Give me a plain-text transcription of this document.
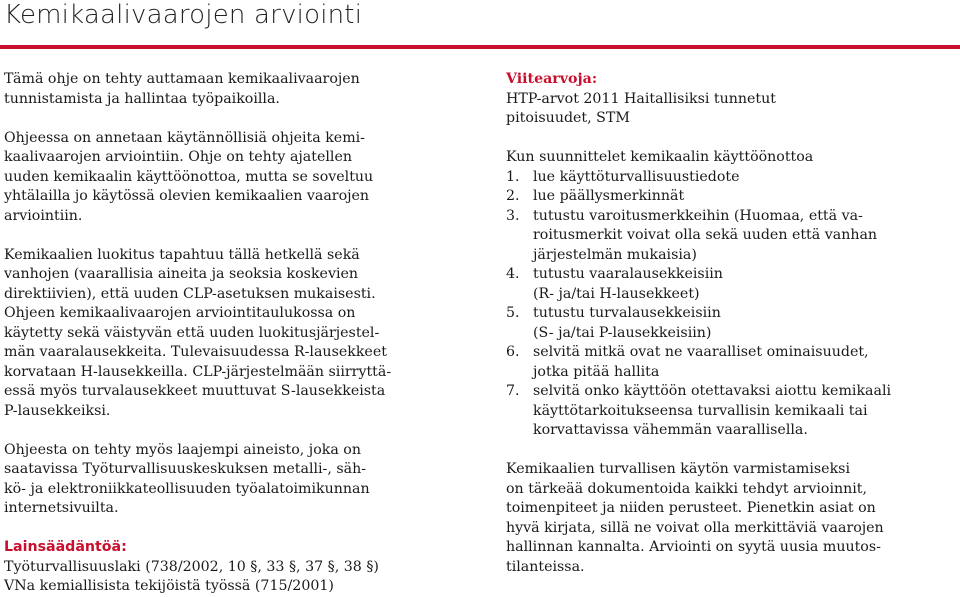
Kemikaalivaarojen arviointi
Tämä ohje on tehty auttamaan kemikaalivaarojen
tunnistamista ja hallintaa työpaikoilla.
Ohjeessa on annetaan käytännöllisiä ohjeita kemi-
kaalivaarojen arviointiin. Ohje on tehty ajatellen
uuden kemikaalin käyttöönottoa, mutta se soveltuu
yhtälailla jo käytössä olevien kemikaalien vaarojen
arviointiin.
Kemikaalien luokitus tapahtuu tällä hetkellä sekä
vanhojen (vaarallisia aineita ja seoksia koskevien
direktiivien), että uuden CLP-asetuksen mukaisesti.
Ohjeen kemikaalivaarojen arviointitaulukossa on
käytetty sekä väistyvän että uuden luokitusjärjestel-
män vaaralausekkeita. Tulevaisuudessa R-lausekkeet
korvataan H-lausekkeilla. CLP-järjestelmään siirryttä-
essä myös turvalausekkeet muuttuvat S-lausekkeista
P-lausekkeiksi.
Ohjeesta on tehty myös laajempi aineisto, joka on
saatavissa Työturvallisuuskeskuksen metalli-, säh-
kö- ja elektroniikkateollisuuden työalatoimikunnan
internetsivuilta.
Lainsäädäntöä:
Työturvallisuuslaki (738/2002, 10 §, 33 §, 37 §, 38 §)
VNa kemiallisista tekijöistä työssä (715/2001)
Viitearvoja:
HTP-arvot 2011 Haitallisiksi tunnetut
pitoisuudet, STM
Kun suunnittelet kemikaalin käyttöönottoa
1. lue käyttöturvallisuustiedote
2. lue päällysmerkinnät
3. tutustu varoitusmerkkeihin (Huomaa, että va-
roitusmerkit voivat olla sekä uuden että vanhan
järjestelmän mukaisia)
4. tutustu vaaralausekkeisiin
(R- ja/tai H-lausekkeet)
5. tutustu turvalausekkeisiin
(S- ja/tai P-lausekkeisiin)
6. selvitä mitkä ovat ne vaaralliset ominaisuudet,
jotka pitää hallita
7. selvitä onko käyttöön otettavaksi aiottu kemikaali
käyttötarkoitukseensa turvallisin kemikaali tai
korvattavissa vähemmän vaarallisella.
Kemikaalien turvallisen käytön varmistamiseksi
on tärkeää dokumentoida kaikki tehdyt arvioinnit,
toimenpiteet ja niiden perusteet. Pienetkin asiat on
hyvä kirjata, sillä ne voivat olla merkittäviä vaarojen
hallinnan kannalta. Arviointi on syytä uusia muutos-
tilanteissa.
